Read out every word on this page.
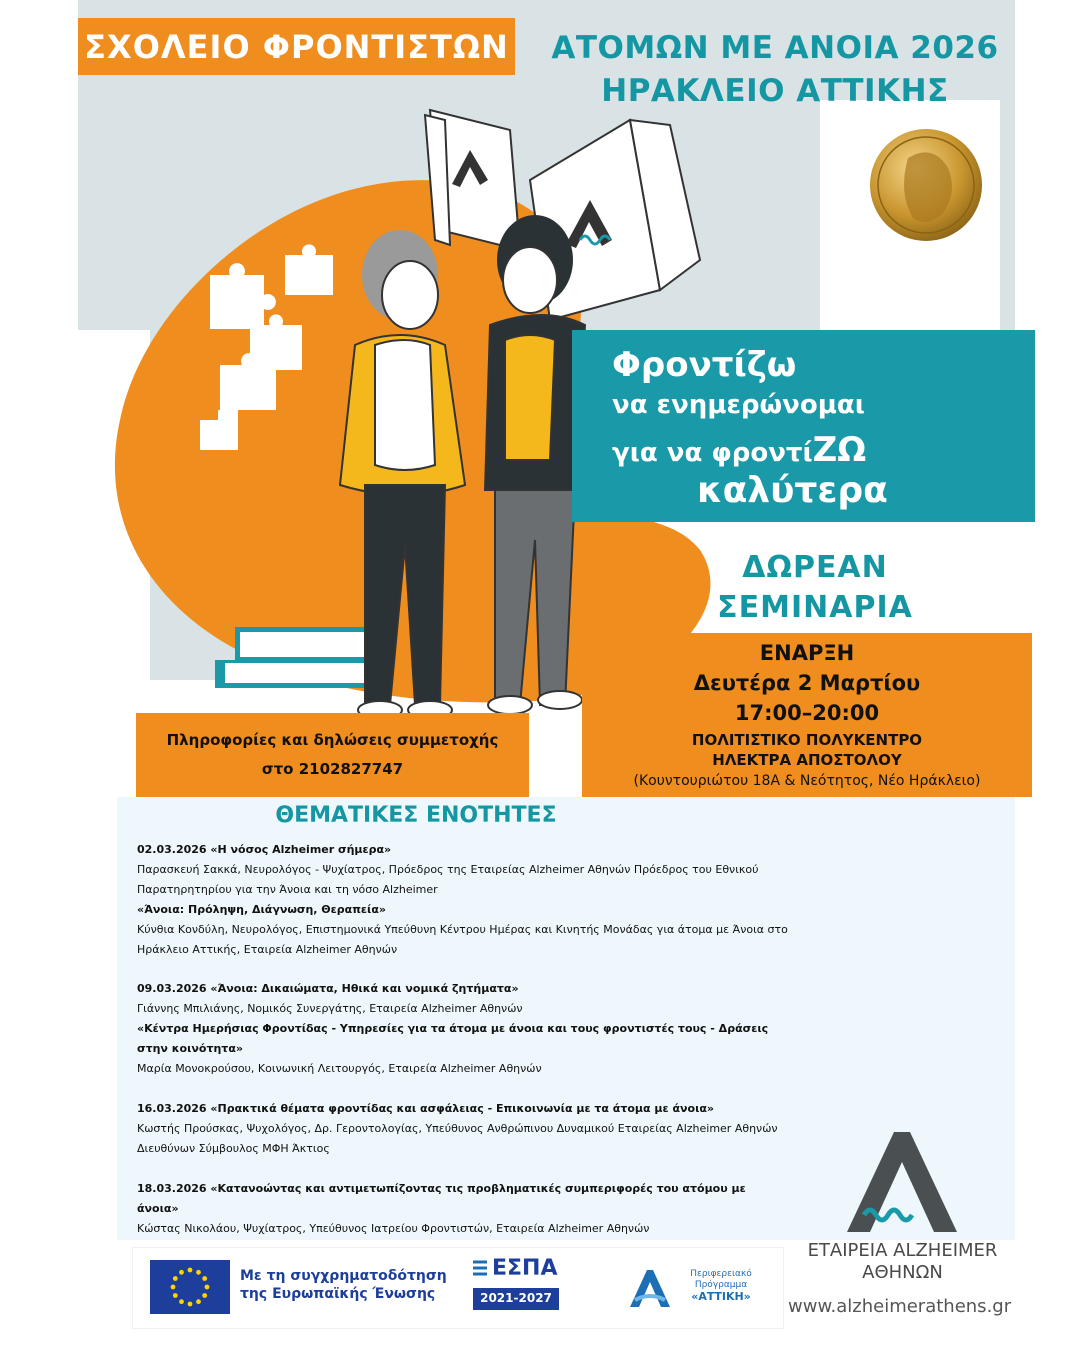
ΣΧΟΛΕΙΟ ΦΡΟΝΤΙΣΤΩΝ	ΑΤΟΜΩΝ ΜΕ ΑΝΟΙΑ 2026
ΗΡΑΚΛΕΙΟ ΑΤΤΙΚΗΣ
Φροντίζω
να ενημερώνομαι
για να φροντίΖΩ
καλύτερα
ΔΩΡΕΑΝ
ΣΕΜΙΝΑΡΙΑ
ΕΝΑΡΞΗ
Δευτέρα 2 Μαρτίου
17:00–20:00
ΠΟΛΙΤΙΣΤΙΚΟ ΠΟΛΥΚΕΝΤΡΟ
ΗΛΕΚΤΡΑ ΑΠΟΣΤΟΛΟΥ
(Κουντουριώτου 18Α & Νεότητος, Νέο Ηράκλειο)
Πληροφορίες και δηλώσεις συμμετοχής
στο 2102827747
ΘΕΜΑΤΙΚΕΣ ΕΝΟΤΗΤΕΣ
02.03.2026 «Η νόσος Alzheimer σήμερα»
Παρασκευή Σακκά, Νευρολόγος - Ψυχίατρος, Πρόεδρος της Εταιρείας Alzheimer Αθηνών Πρόεδρος του Εθνικού
Παρατηρητηρίου για την Άνοια και τη νόσο Alzheimer
«Άνοια: Πρόληψη, Διάγνωση, Θεραπεία»
Κύνθια Κονδύλη, Νευρολόγος, Επιστημονικά Υπεύθυνη Κέντρου Ημέρας και Κινητής Μονάδας για άτομα με Άνοια στο
Ηράκλειο Αττικής, Εταιρεία Alzheimer Αθηνών
09.03.2026 «Άνοια: Δικαιώματα, Ηθικά και νομικά ζητήματα»
Γιάννης Μπιλιάνης, Νομικός Συνεργάτης, Εταιρεία Alzheimer Αθηνών
«Κέντρα Ημερήσιας Φροντίδας - Υπηρεσίες για τα άτομα με άνοια και τους φροντιστές τους - Δράσεις
στην κοινότητα»
Μαρία Μονοκρούσου, Κοινωνική Λειτουργός, Εταιρεία Alzheimer Αθηνών
16.03.2026 «Πρακτικά θέματα φροντίδας και ασφάλειας - Επικοινωνία με τα άτομα με άνοια»
Κωστής Προύσκας, Ψυχολόγος, Δρ. Γεροντολογίας, Υπεύθυνος Ανθρώπινου Δυναμικού Εταιρείας Alzheimer Αθηνών
Διευθύνων Σύμβουλος ΜΦΗ Άκτιος
18.03.2026 «Κατανοώντας και αντιμετωπίζοντας τις προβληματικές συμπεριφορές του ατόμου με
άνοια»
Κώστας Νικολάου, Ψυχίατρος, Υπεύθυνος Ιατρείου Φροντιστών, Εταιρεία Alzheimer Αθηνών
Με τη συγχρηματοδότηση
της Ευρωπαϊκής Ένωσης
ΕΣΠΑ
2021-2027
Περιφερειακό
Πρόγραμμα
«ΑΤΤΙΚΗ»
ΕΤΑΙΡΕΙΑ ALZHEIMER
ΑΘΗΝΩΝ
www.alzheimerathens.gr
